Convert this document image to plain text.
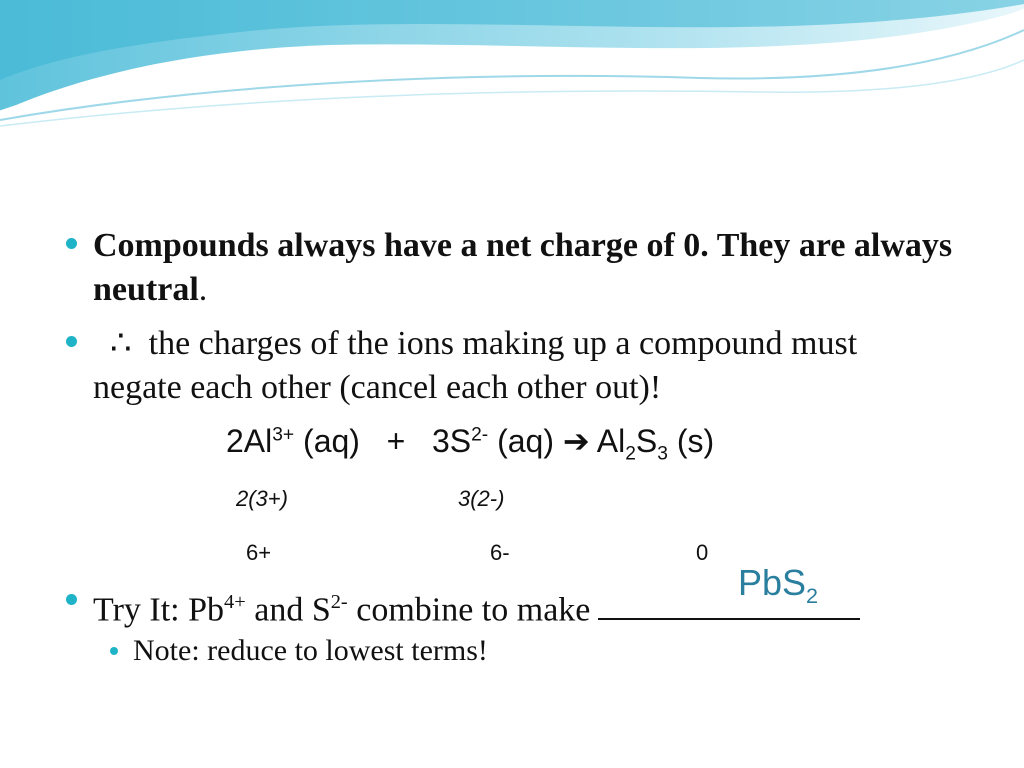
Compounds always have a net charge of 0. They are always neutral.
∴ the charges of the ions making up a compound must negate each other (cancel each other out)!
$2Al^{3+}$ $(aq) + 3S^{2-}$ (aq) ➔ $Al_2S_3$ (s)
2(3+)	3(2-)
6+	6-	0
Try It: $Pb^{4+}$ and $S^{2-}$ combine to make
PbS$_2$
Note: reduce to lowest terms!
